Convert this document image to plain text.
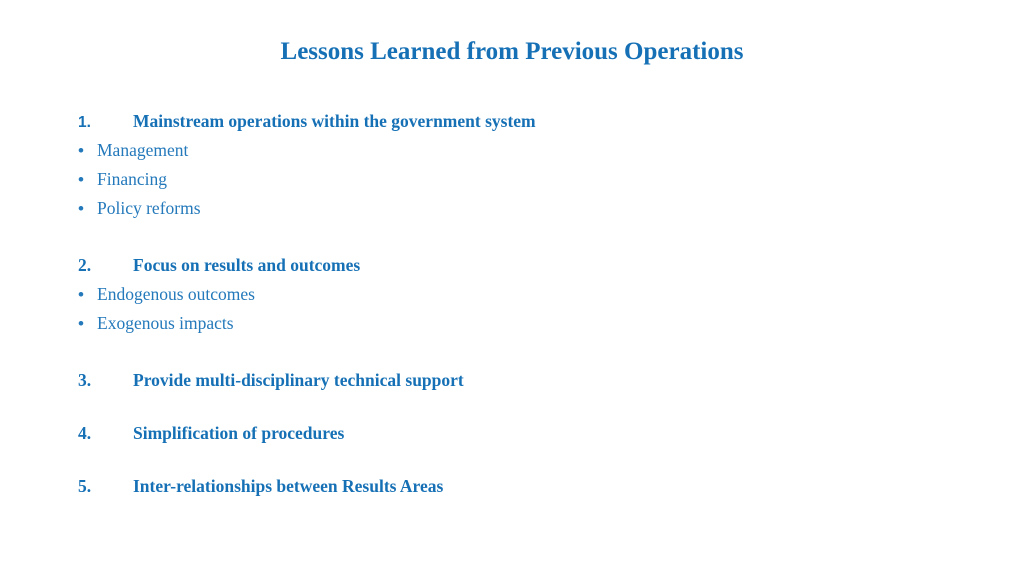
Lessons Learned from Previous Operations
1.	Mainstream operations within the government system
• Management
• Financing
• Policy reforms
2.	Focus on results and outcomes
• Endogenous outcomes
• Exogenous impacts
3.	Provide multi-disciplinary technical support
4.	Simplification of procedures
5.	Inter-relationships between Results Areas
